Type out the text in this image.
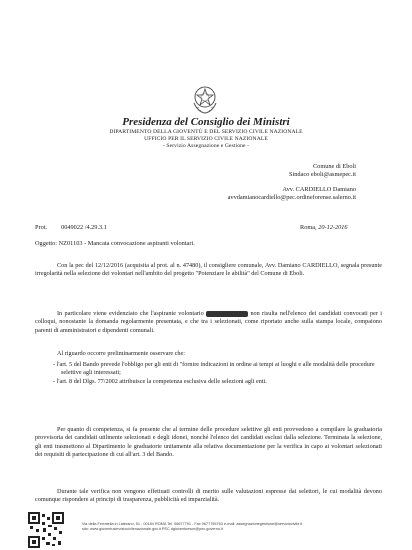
Presidenza del Consiglio dei Ministri
DIPARTIMENTO DELLA GIOVENTÙ E DEL SERVIZIO CIVILE NAZIONALE
UFFICIO PER IL SERVIZIO CIVILE NAZIONALE
- Servizio Assegnazione e Gestione -
Comune di Eboli
Sindaco eboli@asmepec.it
Avv. CARDIELLO Damiano
avvdamianocardiello@pec.ordineforense.salerno.it
Prot. 0049022 /4.29.3.1	Roma, 20-12-2016
Oggetto: NZ01103 - Mancata convocazione aspiranti volontari.

Con la pec del 12/12/2016 (acquisita al prot. al n. 47480), il consigliere comunale, Avv. Damiano CARDIELLO, segnala presunte irregolarità nella selezione dei volontari nell'ambito del progetto "Potenziare le abilità" del Comune di Eboli.

In particolare viene evidenziato che l'aspirante volontario	non risulta nell'elenco dei candidati convocati per i colloqui, nonostante la domanda regolarmente presentata, e che tra i selezionati, come riportato anche sulla stampa locale, compaiono parenti di amministratori e dipendenti comunali.

Al riguardo occorre preliminarmente osservare che:

- l'art. 5 del Bando prevede l'obbligo per gli enti di "fornire indicazioni in ordine ai tempi ai luoghi e alle modalità delle procedure selettive agli interessati;
- l'art. 8 del Dlgs. 77/2002 attribuisce la competenza esclusiva delle selezioni agli enti.

Per quanto di competenza, si fa presente che al termine delle procedure selettive gli enti provvedono a compilare la graduatoria provvisoria dei candidati utilmente selezionati e degli idonei, nonché l'elenco dei candidati esclusi dalla selezione. Terminata la selezione, gli enti trasmettono al Dipartimento le graduatorie unitamente alla relativa documentazione per la verifica in capo ai volontari selezionati dei requisiti di partecipazione di cui all'art. 3 del Bando.

Durante tale verifica non vengono effettuati controlli di merito sulle valutazioni espresse dai selettori, le cui modalità devono comunque rispondere ai principi di trasparenza, pubblicità ed imparzialità.

Via della Ferratella in Laterano, 51 - 00184 ROMA Tel. 06677791 - Fax 0677795763 e-mail: assegnazionegestione@serviziocivile.it
sito: www.gioventuserviziocivilenazionale.gov.it PEC dgioventuescn@pec.governo.it
